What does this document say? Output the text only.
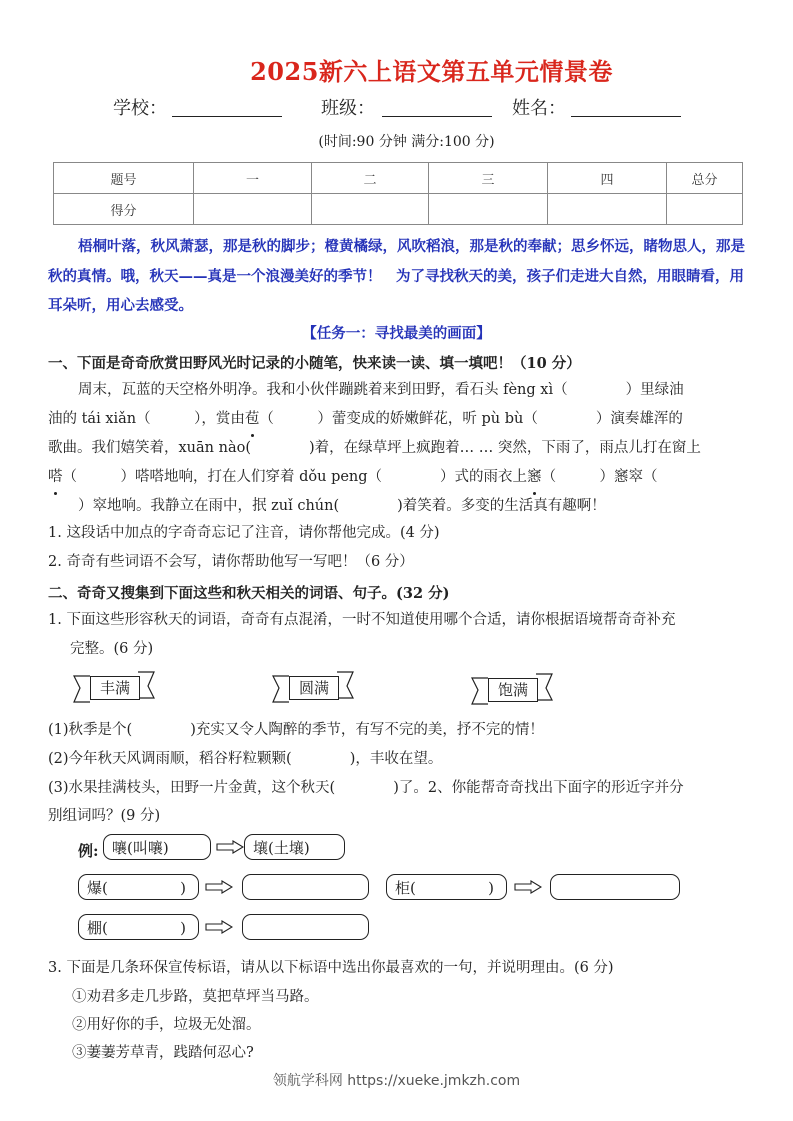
2025新六上语文第五单元情景卷
学校：	班级：	姓名：
(时间:90 分钟 满分:100 分)
题号	一	二	三	四	总分
得分					
梧桐叶落，秋风萧瑟，那是秋的脚步；橙黄橘绿，风吹稻浪，那是秋的奉献；思乡怀远，睹物思人，那是秋的真情。哦，秋天——真是一个浪漫美好的季节！　为了寻找秋天的美，孩子们走进大自然，用眼睛看，用耳朵听，用心去感受。
【任务一：寻找最美的画面】
一、下面是奇奇欣赏田野风光时记录的小随笔，快来读一读、填一填吧！（10 分）
周末，瓦蓝的天空格外明净。我和小伙伴蹦跳着来到田野，看石头 fèng xì（　　　　）里绿油
油的 tái xiǎn（　　　），赏由苞（　　　）蕾变成的娇嫩鲜花，听 pù bù（　　　　）演奏雄浑的
歌曲。我们嬉笑着，xuān nào(　　　　)着，在绿草坪上疯跑着… … 突然，下雨了，雨点儿打在窗上
嗒（　　　）嗒嗒地响，打在人们穿着 dǒu peng（　　　　）式的雨衣上窸（　　　）窸窣（
）窣地响。我静立在雨中，抿 zuǐ chún(　　　　)着笑着。多变的生活真有趣啊！
1. 这段话中加点的字奇奇忘记了注音，请你帮他完成。(4 分)
2. 奇奇有些词语不会写，请你帮助他写一写吧！（6 分）
二、奇奇又搜集到下面这些和秋天相关的词语、句子。(32 分)
1. 下面这些形容秋天的词语，奇奇有点混淆，一时不知道使用哪个合适，请你根据语境帮奇奇补充
完整。(6 分)
丰满	圆满	饱满
(1)秋季是个(　　　　)充实又令人陶醉的季节，有写不完的美，抒不完的情！
(2)今年秋天风调雨顺，稻谷籽粒颗颗(　　　　)，丰收在望。
(3)水果挂满枝头，田野一片金黄，这个秋天(　　　　)了。2、你能帮奇奇找出下面字的形近字并分
别组词吗？(9 分)
例: 嚷(叫嚷)	壤(土壤)
爆(	)	柜(	)
棚(	)
3. 下面是几条环保宣传标语，请从以下标语中选出你最喜欢的一句，并说明理由。(6 分)
①劝君多走几步路，莫把草坪当马路。
②用好你的手，垃圾无处溜。
③萋萋芳草青，践踏何忍心?
领航学科网 https://xueke.jmkzh.com
